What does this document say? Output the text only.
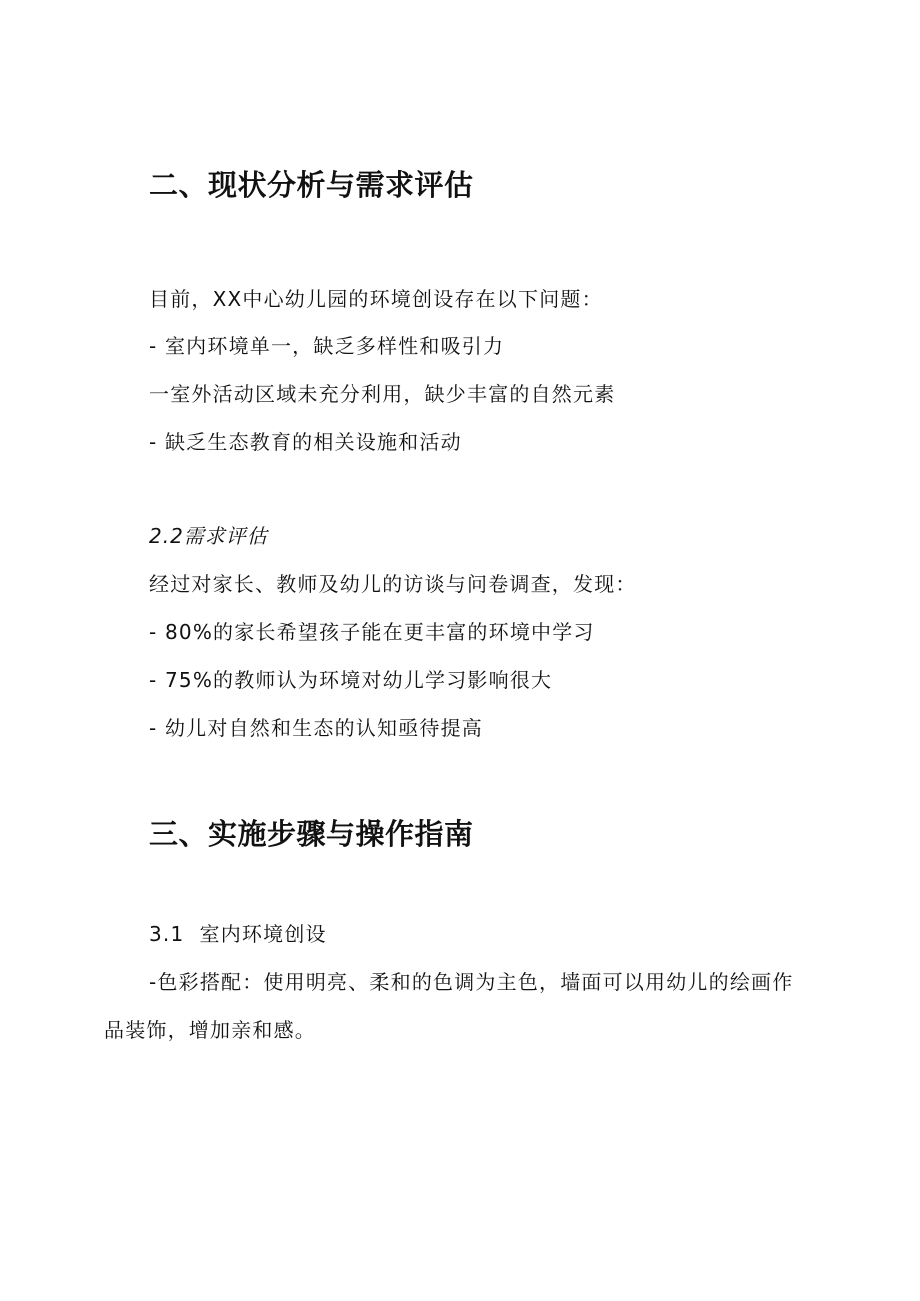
二、现状分析与需求评估
目前，XX中心幼儿园的环境创设存在以下问题：
- 室内环境单一，缺乏多样性和吸引力
一室外活动区域未充分利用，缺少丰富的自然元素
- 缺乏生态教育的相关设施和活动
2.2需求评估
经过对家长、教师及幼儿的访谈与问卷调查，发现：
- 80%的家长希望孩子能在更丰富的环境中学习
- 75%的教师认为环境对幼儿学习影响很大
- 幼儿对自然和生态的认知亟待提高
三、实施步骤与操作指南
3.1  室内环境创设
-色彩搭配：使用明亮、柔和的色调为主色，墙面可以用幼儿的绘画作
品装饰，增加亲和感。
